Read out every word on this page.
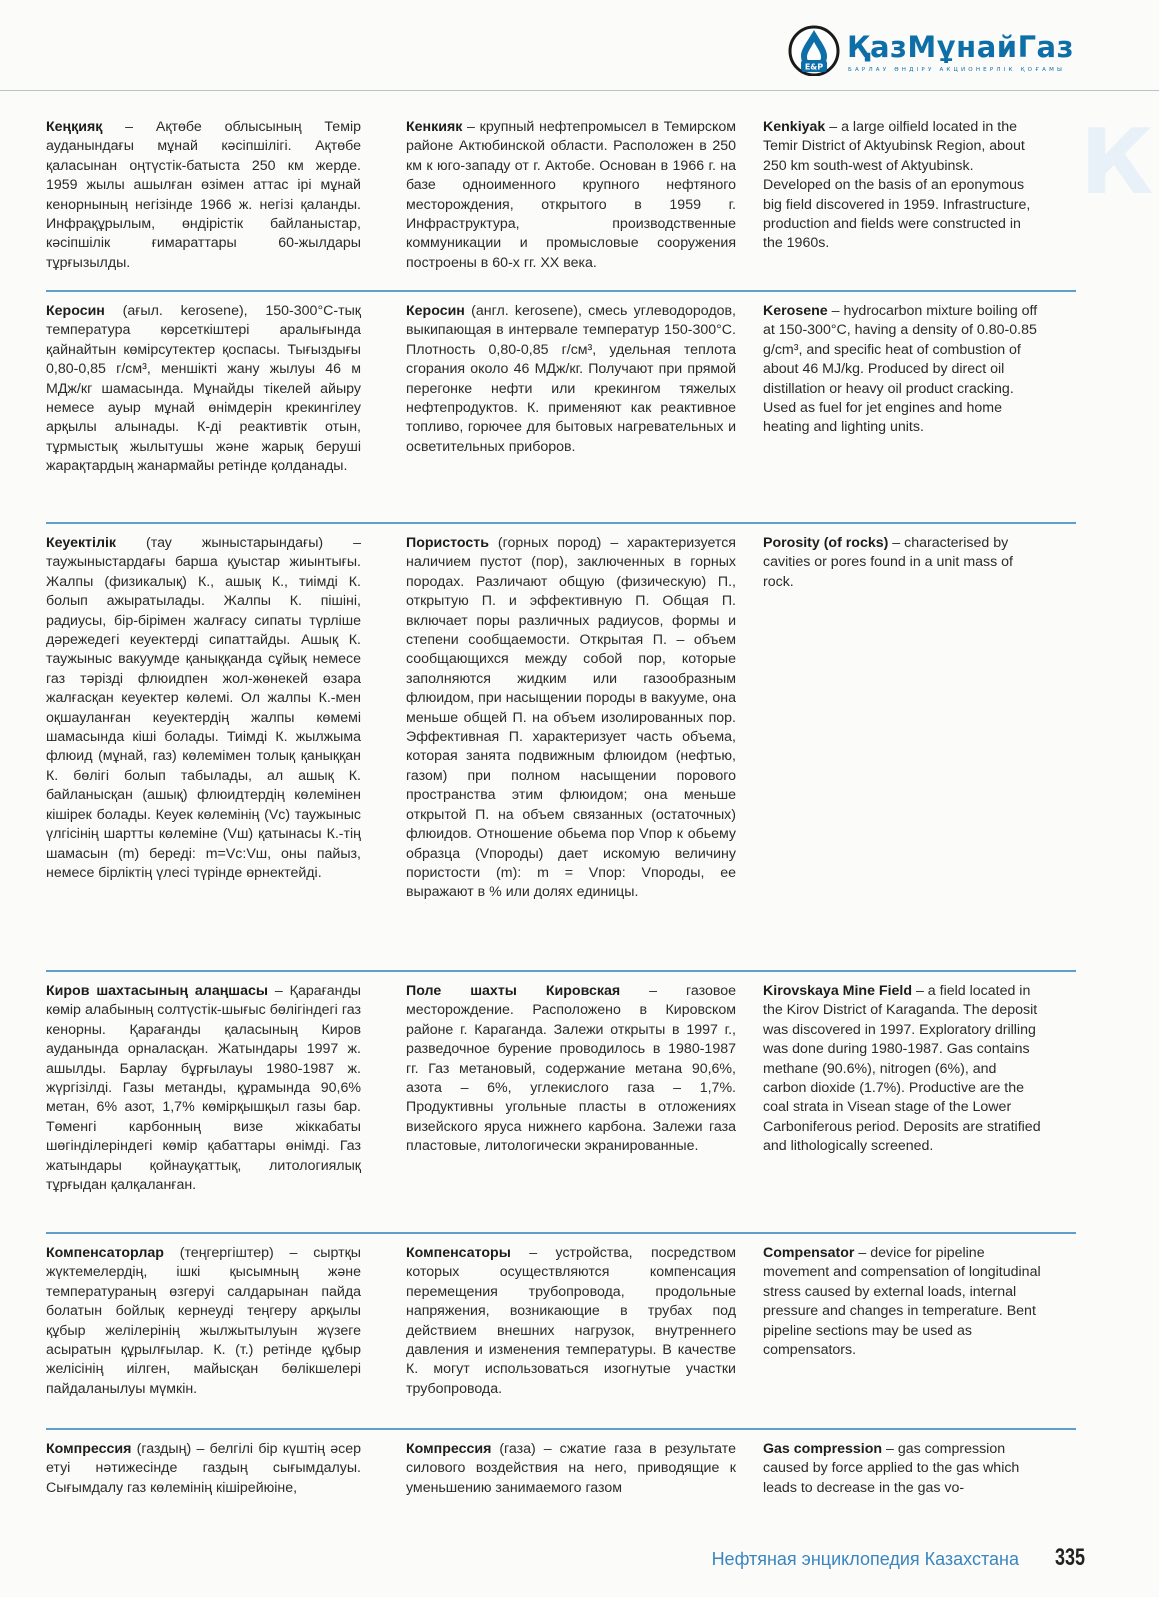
E&P
ҚазМұнайГаз
БАРЛАУ ӨНДІРУ АКЦИОНЕРЛІК ҚОҒАМЫ
К
Кеңқияқ – Ақтөбе облысының Темір ауданындағы мұнай кәсіпшілігі. Ақтөбе қаласынан оңтүстік-батыста 250 км жерде. 1959 жылы ашылған өзімен аттас ірі мұнай кенорнының негізінде 1966 ж. негізі қаланды. Инфрақұрылым, өндірістік байланыстар, кәсіпшілік ғимараттары 60-жылдары тұрғызылды.
Кенкияк – крупный нефтепромысел в Темирском районе Актюбинской области. Расположен в 250 км к юго-западу от г. Актобе. Основан в 1966 г. на базе одноименного крупного нефтяного месторождения, открытого в 1959 г. Инфраструктура, производственные коммуникации и промысловые сооружения построены в 60-х гг. XX века.
Kenkiyak – a large oilfield located in the Temir District of Aktyubinsk Region, about 250 km south-west of Aktyubinsk. Developed on the basis of an eponymous big field discovered in 1959. Infrastructure, production and fields were constructed in the 1960s.
Керосин (ағыл. kerosene), 150-300°С-тық температура көрсеткіштері аралығында қайнайтын көмірсутектер қоспасы. Тығыздығы 0,80-0,85 г/см³, меншікті жану жылуы 46 м МДж/кг шамасында. Мұнайды тікелей айыру немесе ауыр мұнай өнімдерін крекингілеу арқылы алынады. К-ді реактивтік отын, тұрмыстық жылытушы және жарық беруші жарақтардың жанармайы ретінде қолданады.
Керосин (англ. kerosene), смесь углеводородов, выкипающая в интервале температур 150-300°С. Плотность 0,80-0,85 г/см³, удельная теплота сгорания около 46 МДж/кг. Получают при прямой перегонке нефти или крекингом тяжелых нефтепродуктов. К. применяют как реактивное топливо, горючее для бытовых нагревательных и осветительных приборов.
Kerosene – hydrocarbon mixture boiling off at 150-300°C, having a density of 0.80-0.85 g/cm³, and specific heat of combustion of about 46 MJ/kg. Produced by direct oil distillation or heavy oil product cracking. Used as fuel for jet engines and home heating and lighting units.
Кеуектілік (тау жыныстарындағы) – таужыныстардағы барша қуыстар жиынтығы. Жалпы (физикалық) К., ашық К., тиімді К. болып ажыратылады. Жалпы К. пішіні, радиусы, бір-бірімен жалғасу сипаты түрліше дәрежедегі кеуектерді сипаттайды. Ашық К. таужыныс вакуумде қаныққанда сұйық немесе газ тәрізді флюидпен жол-жөнекей өзара жалғасқан кеуектер көлемі. Ол жалпы К.-мен оқшауланған кеуектердің жалпы көмемі шамасында кіші болады. Тиімді К. жылжыма флюид (мұнай, газ) көлемімен толық қаныққан К. бөлігі болып табылады, ал ашық К. байланысқан (ашық) флюидтердің көлемінен кішірек болады. Кеуек көлемінің (Vc) таужыныс үлгісінің шартты көлеміне (Vш) қатынасы К.-тің шамасын (m) береді: m=Vc:Vш, оны пайыз, немесе бірліктің үлесі түрінде өрнектейді.
Пористость (горных пород) – характеризуется наличием пустот (пор), заключенных в горных породах. Различают общую (физическую) П., открытую П. и эффективную П. Общая П. включает поры различных радиусов, формы и степени сообщаемости. Открытая П. – объем сообщающихся между собой пор, которые заполняются жидким или газообразным флюидом, при насыщении породы в вакууме, она меньше общей П. на объем изолированных пор. Эффективная П. характеризует часть объема, которая занята подвижным флюидом (нефтью, газом) при полном насыщении порового пространства этим флюидом; она меньше открытой П. на объем связанных (остаточных) флюидов. Отношение обьема пор Vпор к обьему образца (Vпороды) дает искомую величину пористости (m): m = Vпор: Vпороды, ее выражают в % или долях единицы.
Porosity (of rocks) – characterised by cavities or pores found in a unit mass of rock.
Киров шахтасының алаңшасы – Қарағанды көмір алабының солтүстік-шығыс бөлігіндегі газ кенорны. Қарағанды қаласының Киров ауданында орналасқан. Жатындары 1997 ж. ашылды. Барлау бұрғылауы 1980-1987 ж. жүргізілді. Газы метанды, құрамында 90,6% метан, 6% азот, 1,7% көмірқышқыл газы бар. Төменгі карбонның визе жіккабаты шөгінділеріндегі көмір қабаттары өнімді. Газ жатындары қойнауқаттық, литологиялық тұрғыдан қалқаланған.
Поле шахты Кировская – газовое месторождение. Расположено в Кировском районе г. Караганда. Залежи открыты в 1997 г., разведочное бурение проводилось в 1980-1987 гг. Газ метановый, содержание метана 90,6%, азота – 6%, углекислого газа – 1,7%. Продуктивны угольные пласты в отложениях визейского яруса нижнего карбона. Залежи газа пластовые, литологически экранированные.
Kirovskaya Mine Field – a field located in the Kirov District of Karaganda. The deposit was discovered in 1997. Exploratory drilling was done during 1980-1987. Gas contains methane (90.6%), nitrogen (6%), and carbon dioxide (1.7%). Productive are the coal strata in Visean stage of the Lower Carboniferous period. Deposits are stratified and lithologically screened.
Компенсаторлар (теңгергіштер) – сыртқы жүктемелердің, ішкі қысымның және температураның өзгеруі салдарынан пайда болатын бойлық кернеуді теңгеру арқылы құбыр желілерінің жылжытылуын жүзеге асыратын құрылғылар. К. (т.) ретінде құбыр желісінің иілген, майысқан бөлікшелері пайдаланылуы мүмкін.
Компенсаторы – устройства, посредством которых осуществляются компенсация перемещения трубопровода, продольные напряжения, возникающие в трубах под действием внешних нагрузок, внутреннего давления и изменения температуры. В качестве К. могут использоваться изогнутые участки трубопровода.
Compensator – device for pipeline movement and compensation of longitudinal stress caused by external loads, internal pressure and changes in temperature. Bent pipeline sections may be used as compensators.
Компрессия (газдың) – белгілі бір күштің әсер етуі нәтижесінде газдың сығымдалуы. Сығымдалу газ көлемінің кішірейюіне,
Компрессия (газа) – сжатие газа в результате силового воздействия на него, приводящие к уменьшению занимаемого газом
Gas compression – gas compression caused by force applied to the gas which leads to decrease in the gas vo-
Нефтяная энциклопедия Казахстана 335
